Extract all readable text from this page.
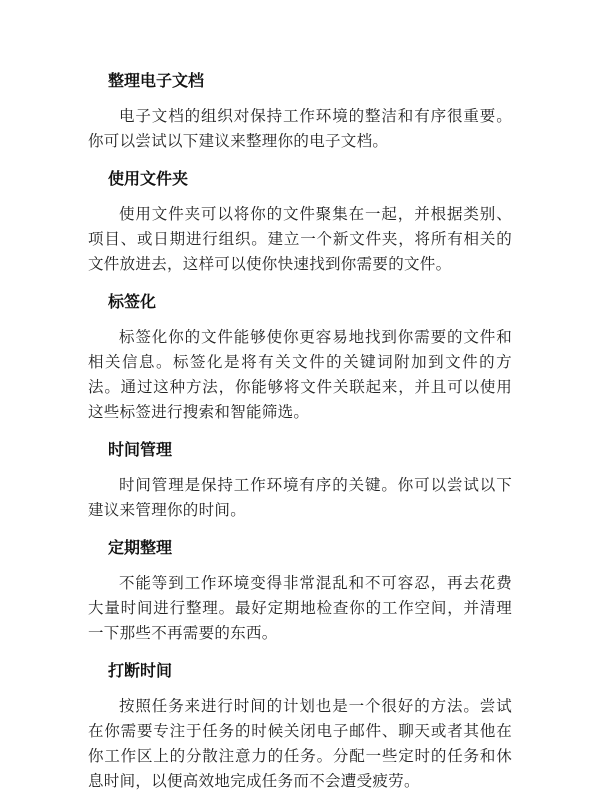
整理电子文档

电子文档的组织对保持工作环境的整洁和有序很重要。你可以尝试以下建议来整理你的电子文档。

使用文件夹

使用文件夹可以将你的文件聚集在一起，并根据类别、项目、或日期进行组织。建立一个新文件夹，将所有相关的文件放进去，这样可以使你快速找到你需要的文件。

标签化

标签化你的文件能够使你更容易地找到你需要的文件和相关信息。标签化是将有关文件的关键词附加到文件的方法。通过这种方法，你能够将文件关联起来，并且可以使用这些标签进行搜索和智能筛选。

时间管理

时间管理是保持工作环境有序的关键。你可以尝试以下建议来管理你的时间。

定期整理

不能等到工作环境变得非常混乱和不可容忍，再去花费大量时间进行整理。最好定期地检查你的工作空间，并清理一下那些不再需要的东西。

打断时间

按照任务来进行时间的计划也是一个很好的方法。尝试在你需要专注于任务的时候关闭电子邮件、聊天或者其他在你工作区上的分散注意力的任务。分配一些定时的任务和休息时间，以便高效地完成任务而不会遭受疲劳。
